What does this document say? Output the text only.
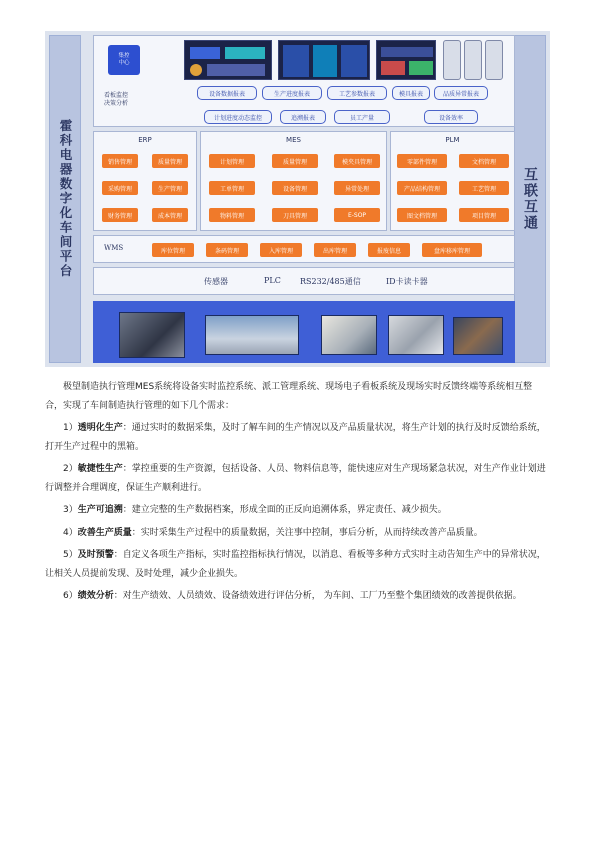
霍科电器数字化车间平台	互联互通
集控
中心
看板监控
决策分析
设备数据报表	生产进度报表	工艺参数报表	模具报表	品质异常报表
计划进度动态监控	追溯报表	员工产量	设备效率
ERP
销售管理	质量管理
采购管理	生产管理
财务管理	成本管理
MES
计划管理	质量管理	模夹具管理
工单管理	设备管理	异常处理
物料管理	刀具管理	E-SOP
PLM
零部件管理	文档管理
产品结构管理	工艺管理
图文档管理	项目管理
WMS	库位管理	条码管理	入库管理	出库管理	报废信息	盘库移库管理
传感器	PLC RS232/485通信	ID卡读卡器

极望制造执行管理MES系统将设备实时监控系统、派工管理系统、现场电子看板系统及现场实时反馈终端等系统相互整合，实现了车间制造执行管理的如下几个需求：

1）透明化生产：通过实时的数据采集，及时了解车间的生产情况以及产品质量状况，将生产计划的执行及时反馈给系统，打开生产过程中的黑箱。

2）敏捷性生产：掌控重要的生产资源，包括设备、人员、物料信息等，能快速应对生产现场紧急状况，对生产作业计划进行调整并合理调度，保证生产顺利进行。

3）生产可追溯：建立完整的生产数据档案，形成全面的正反向追溯体系，界定责任、减少损失。

4）改善生产质量：实时采集生产过程中的质量数据，关注事中控制，事后分析，从而持续改善产品质量。

5）及时预警：自定义各项生产指标，实时监控指标执行情况，以消息、看板等多种方式实时主动告知生产中的异常状况，让相关人员提前发现、及时处理，减少企业损失。

6）绩效分析：对生产绩效、人员绩效、设备绩效进行评估分析， 为车间、工厂乃至整个集团绩效的改善提供依据。
